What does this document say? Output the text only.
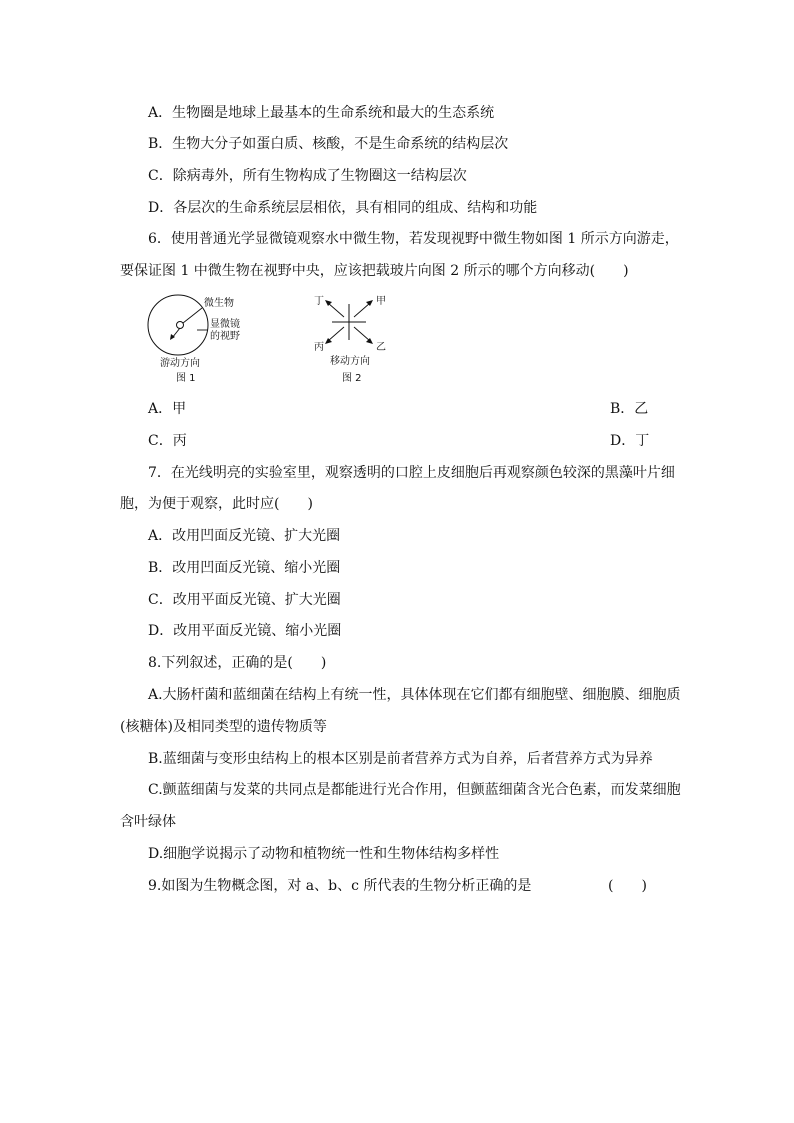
A．生物圈是地球上最基本的生命系统和最大的生态系统
B．生物大分子如蛋白质、核酸，不是生命系统的结构层次
C．除病毒外，所有生物构成了生物圈这一结构层次
D．各层次的生命系统层层相依，具有相同的组成、结构和功能
6．使用普通光学显微镜观察水中微生物，若发现视野中微生物如图 1 所示方向游走，
要保证图 1 中微生物在视野中央，应该把载玻片向图 2 所示的哪个方向移动(　　)
微生物
显微镜
的视野
游动方向
图 1
丁	甲
丙	乙
移动方向
图 2
A．甲	B．乙
C．丙	D．丁
7．在光线明亮的实验室里，观察透明的口腔上皮细胞后再观察颜色较深的黑藻叶片细
胞，为便于观察，此时应(　　)
A．改用凹面反光镜、扩大光圈
B．改用凹面反光镜、缩小光圈
C．改用平面反光镜、扩大光圈
D．改用平面反光镜、缩小光圈
8.下列叙述，正确的是(　　)
A.大肠杆菌和蓝细菌在结构上有统一性，具体体现在它们都有细胞壁、细胞膜、细胞质
(核糖体)及相同类型的遗传物质等
B.蓝细菌与变形虫结构上的根本区别是前者营养方式为自养，后者营养方式为异养
C.颤蓝细菌与发菜的共同点是都能进行光合作用，但颤蓝细菌含光合色素，而发菜细胞
含叶绿体
D.细胞学说揭示了动物和植物统一性和生物体结构多样性
9.如图为生物概念图，对 a、b、c 所代表的生物分析正确的是	(　　)
